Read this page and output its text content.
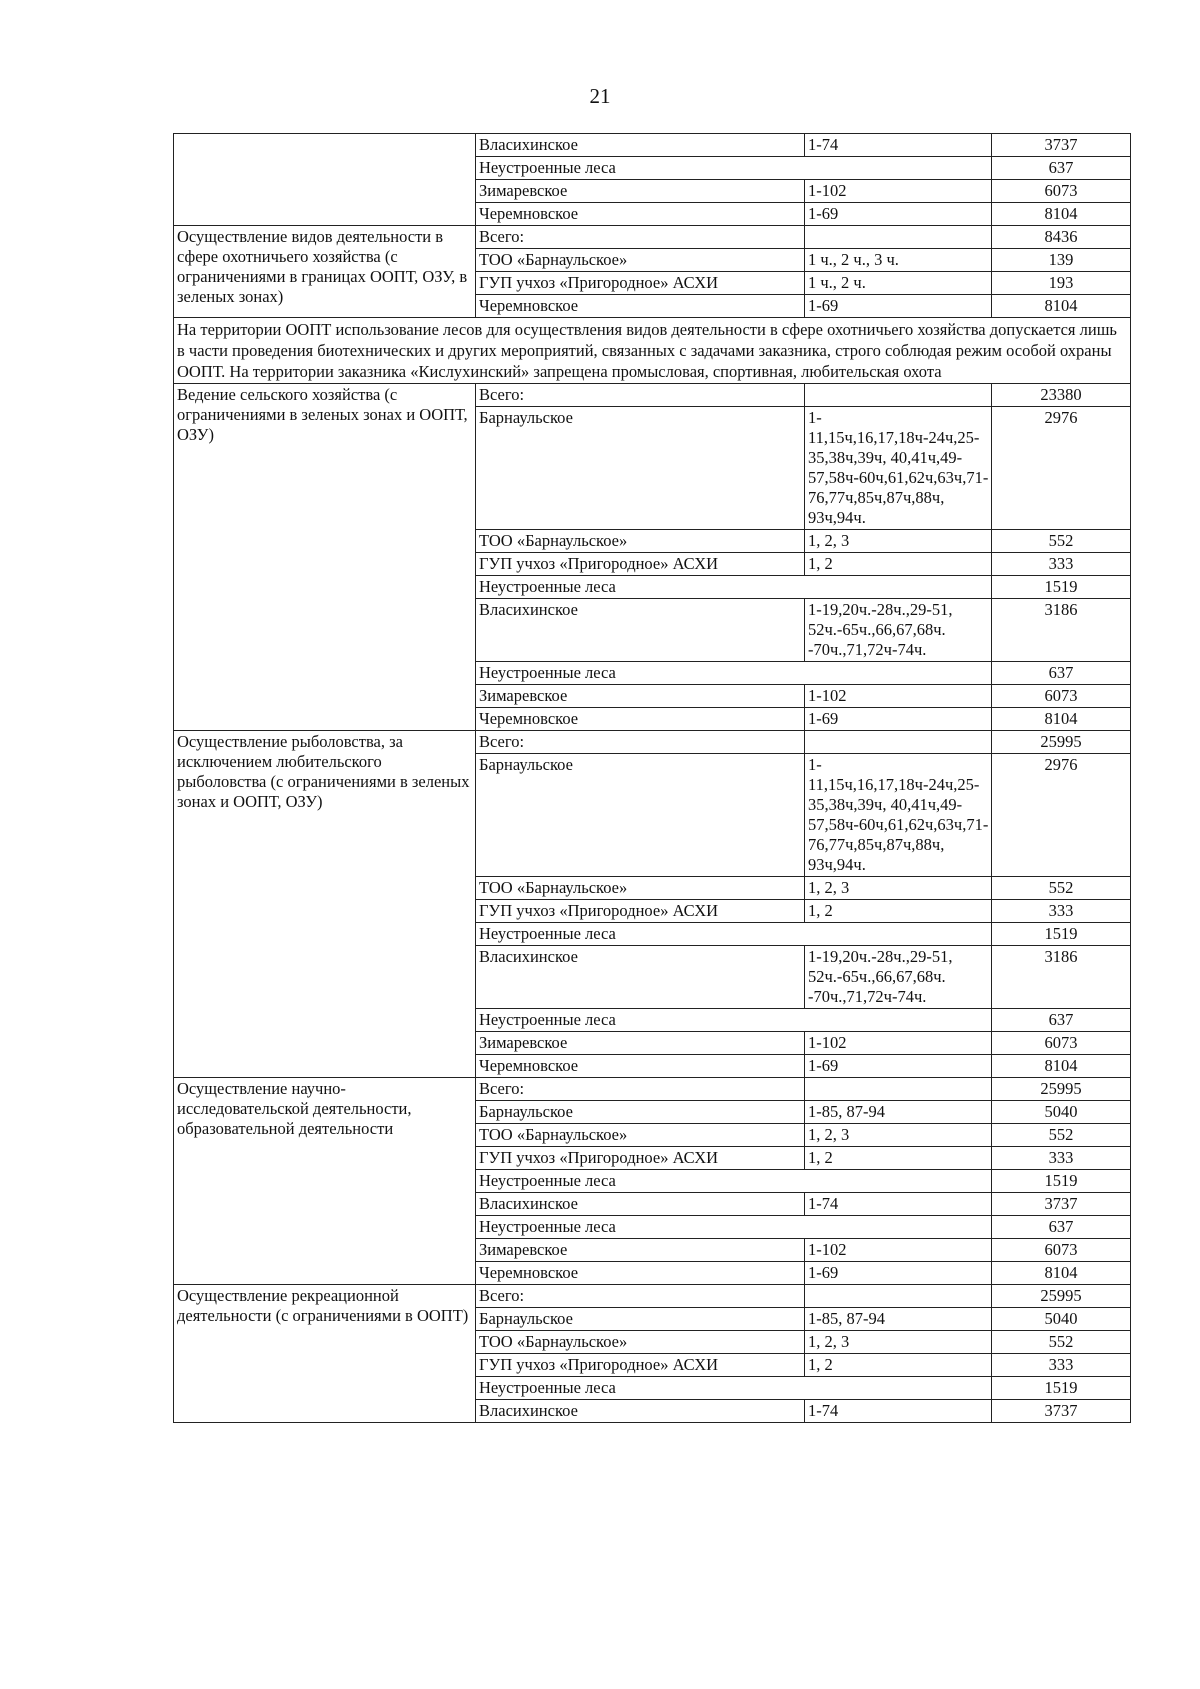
21
	Власихинское	1-74	3737
	Неустроенные леса		637
	Зимаревское	1-102	6073
	Черемновское	1-69	8104
Осуществление видов деятельности в сфере охотничьего хозяйства (с ограничениями в границах ООПТ, ОЗУ, в зеленых зонах)	Всего:		8436
	ТОО «Барнаульское»	1 ч., 2 ч., 3 ч.	139
	ГУП учхоз «Пригородное» АСХИ	1 ч., 2 ч.	193
	Черемновское	1-69	8104
На территории ООПТ использование лесов для осуществления видов деятельности в сфере охотничьего хозяйства допускается лишь в части проведения биотехнических и других мероприятий, связанных с задачами заказника, строго соблюдая режим особой охраны ООПТ. На территории заказника «Кислухинский» запрещена промысловая, спортивная, любительская охота			
Ведение сельского хозяйства (с ограничениями в зеленых зонах и ООПТ, ОЗУ)	Всего:		23380
	Барнаульское	1-11,15ч,16,17,18ч-24ч,25-35,38ч,39ч, 40,41ч,49-57,58ч-60ч,61,62ч,63ч,71-76,77ч,85ч,87ч,88ч, 93ч,94ч.	2976
	ТОО «Барнаульское»	1, 2, 3	552
	ГУП учхоз «Пригородное» АСХИ	1, 2	333
	Неустроенные леса		1519
	Власихинское	1-19,20ч.-28ч.,29-51, 52ч.-65ч.,66,67,68ч. -70ч.,71,72ч-74ч.	3186
	Неустроенные леса		637
	Зимаревское	1-102	6073
	Черемновское	1-69	8104
Осуществление рыболовства, за исключением любительского рыболовства (с ограничениями в зеленых зонах и ООПТ, ОЗУ)	Всего:		25995
	Барнаульское	1-11,15ч,16,17,18ч-24ч,25-35,38ч,39ч, 40,41ч,49-57,58ч-60ч,61,62ч,63ч,71-76,77ч,85ч,87ч,88ч, 93ч,94ч.	2976
	ТОО «Барнаульское»	1, 2, 3	552
	ГУП учхоз «Пригородное» АСХИ	1, 2	333
	Неустроенные леса		1519
	Власихинское	1-19,20ч.-28ч.,29-51, 52ч.-65ч.,66,67,68ч. -70ч.,71,72ч-74ч.	3186
	Неустроенные леса		637
	Зимаревское	1-102	6073
	Черемновское	1-69	8104
Осуществление научно-исследовательской деятельности, образовательной деятельности	Всего:		25995
	Барнаульское	1-85, 87-94	5040
	ТОО «Барнаульское»	1, 2, 3	552
	ГУП учхоз «Пригородное» АСХИ	1, 2	333
	Неустроенные леса		1519
	Власихинское	1-74	3737
	Неустроенные леса		637
	Зимаревское	1-102	6073
	Черемновское	1-69	8104
Осуществление рекреационной деятельности (с ограничениями в ООПТ)	Всего:		25995
	Барнаульское	1-85, 87-94	5040
	ТОО «Барнаульское»	1, 2, 3	552
	ГУП учхоз «Пригородное» АСХИ	1, 2	333
	Неустроенные леса		1519
	Власихинское	1-74	3737
